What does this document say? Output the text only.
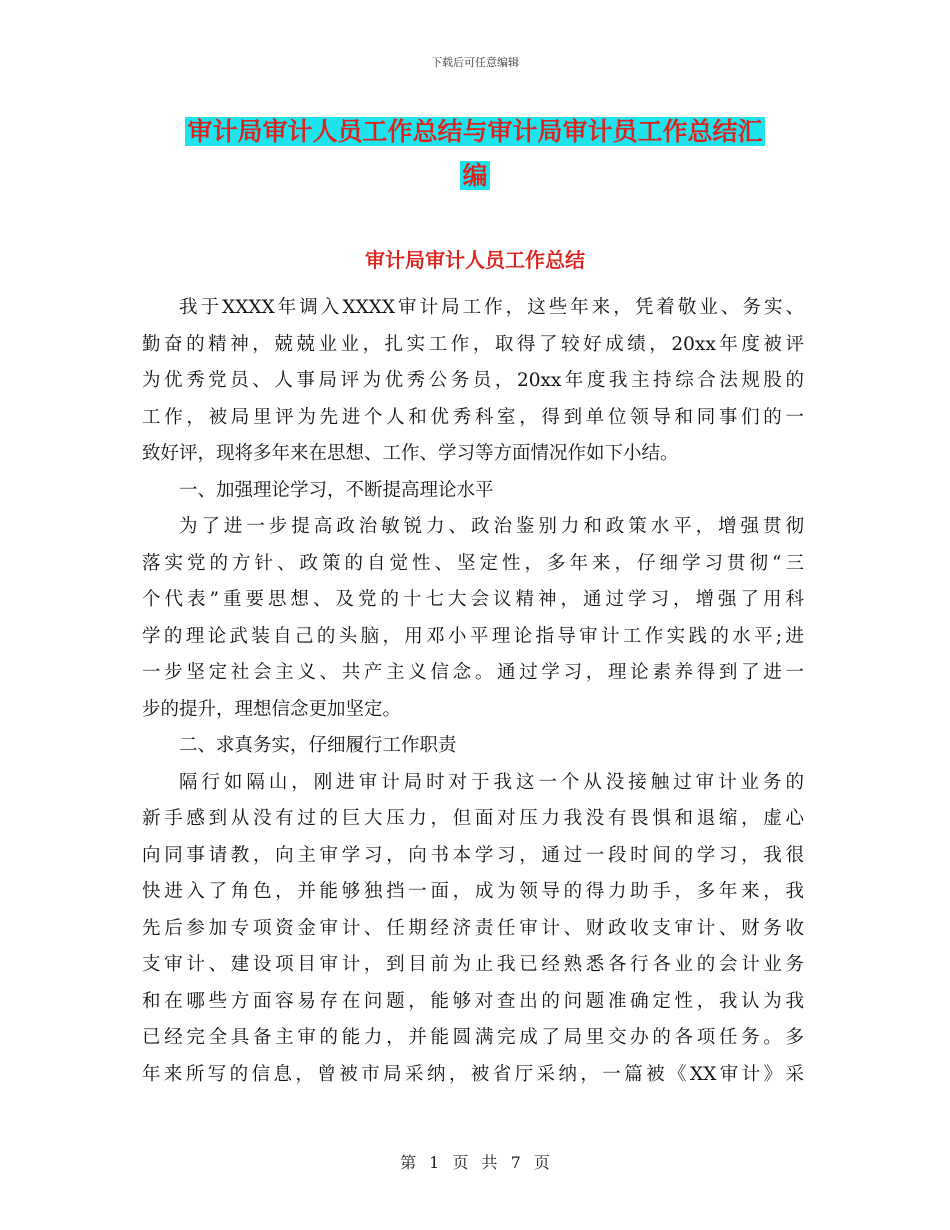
下载后可任意编辑
审计局审计人员工作总结与审计局审计员工作总结汇
编
审计局审计人员工作总结
我于XXXX年调入XXXX审计局工作，这些年来，凭着敬业、务实、
勤奋的精神，兢兢业业，扎实工作，取得了较好成绩，20xx年度被评
为优秀党员、人事局评为优秀公务员，20xx年度我主持综合法规股的
工作，被局里评为先进个人和优秀科室，得到单位领导和同事们的一
致好评，现将多年来在思想、工作、学习等方面情况作如下小结。
一、加强理论学习，不断提高理论水平
为了进一步提高政治敏锐力、政治鉴别力和政策水平，增强贯彻
落实党的方针、政策的自觉性、坚定性，多年来，仔细学习贯彻“三
个代表”重要思想、及党的十七大会议精神，通过学习，增强了用科
学的理论武装自己的头脑，用邓小平理论指导审计工作实践的水平;进
一步坚定社会主义、共产主义信念。通过学习，理论素养得到了进一
步的提升，理想信念更加坚定。
二、求真务实，仔细履行工作职责
隔行如隔山，刚进审计局时对于我这一个从没接触过审计业务的
新手感到从没有过的巨大压力，但面对压力我没有畏惧和退缩，虚心
向同事请教，向主审学习，向书本学习，通过一段时间的学习，我很
快进入了角色，并能够独挡一面，成为领导的得力助手，多年来，我
先后参加专项资金审计、任期经济责任审计、财政收支审计、财务收
支审计、建设项目审计，到目前为止我已经熟悉各行各业的会计业务
和在哪些方面容易存在问题，能够对查出的问题准确定性，我认为我
已经完全具备主审的能力，并能圆满完成了局里交办的各项任务。多
年来所写的信息，曾被市局采纳，被省厅采纳，一篇被《XX审计》采
第 1 页 共 7 页
